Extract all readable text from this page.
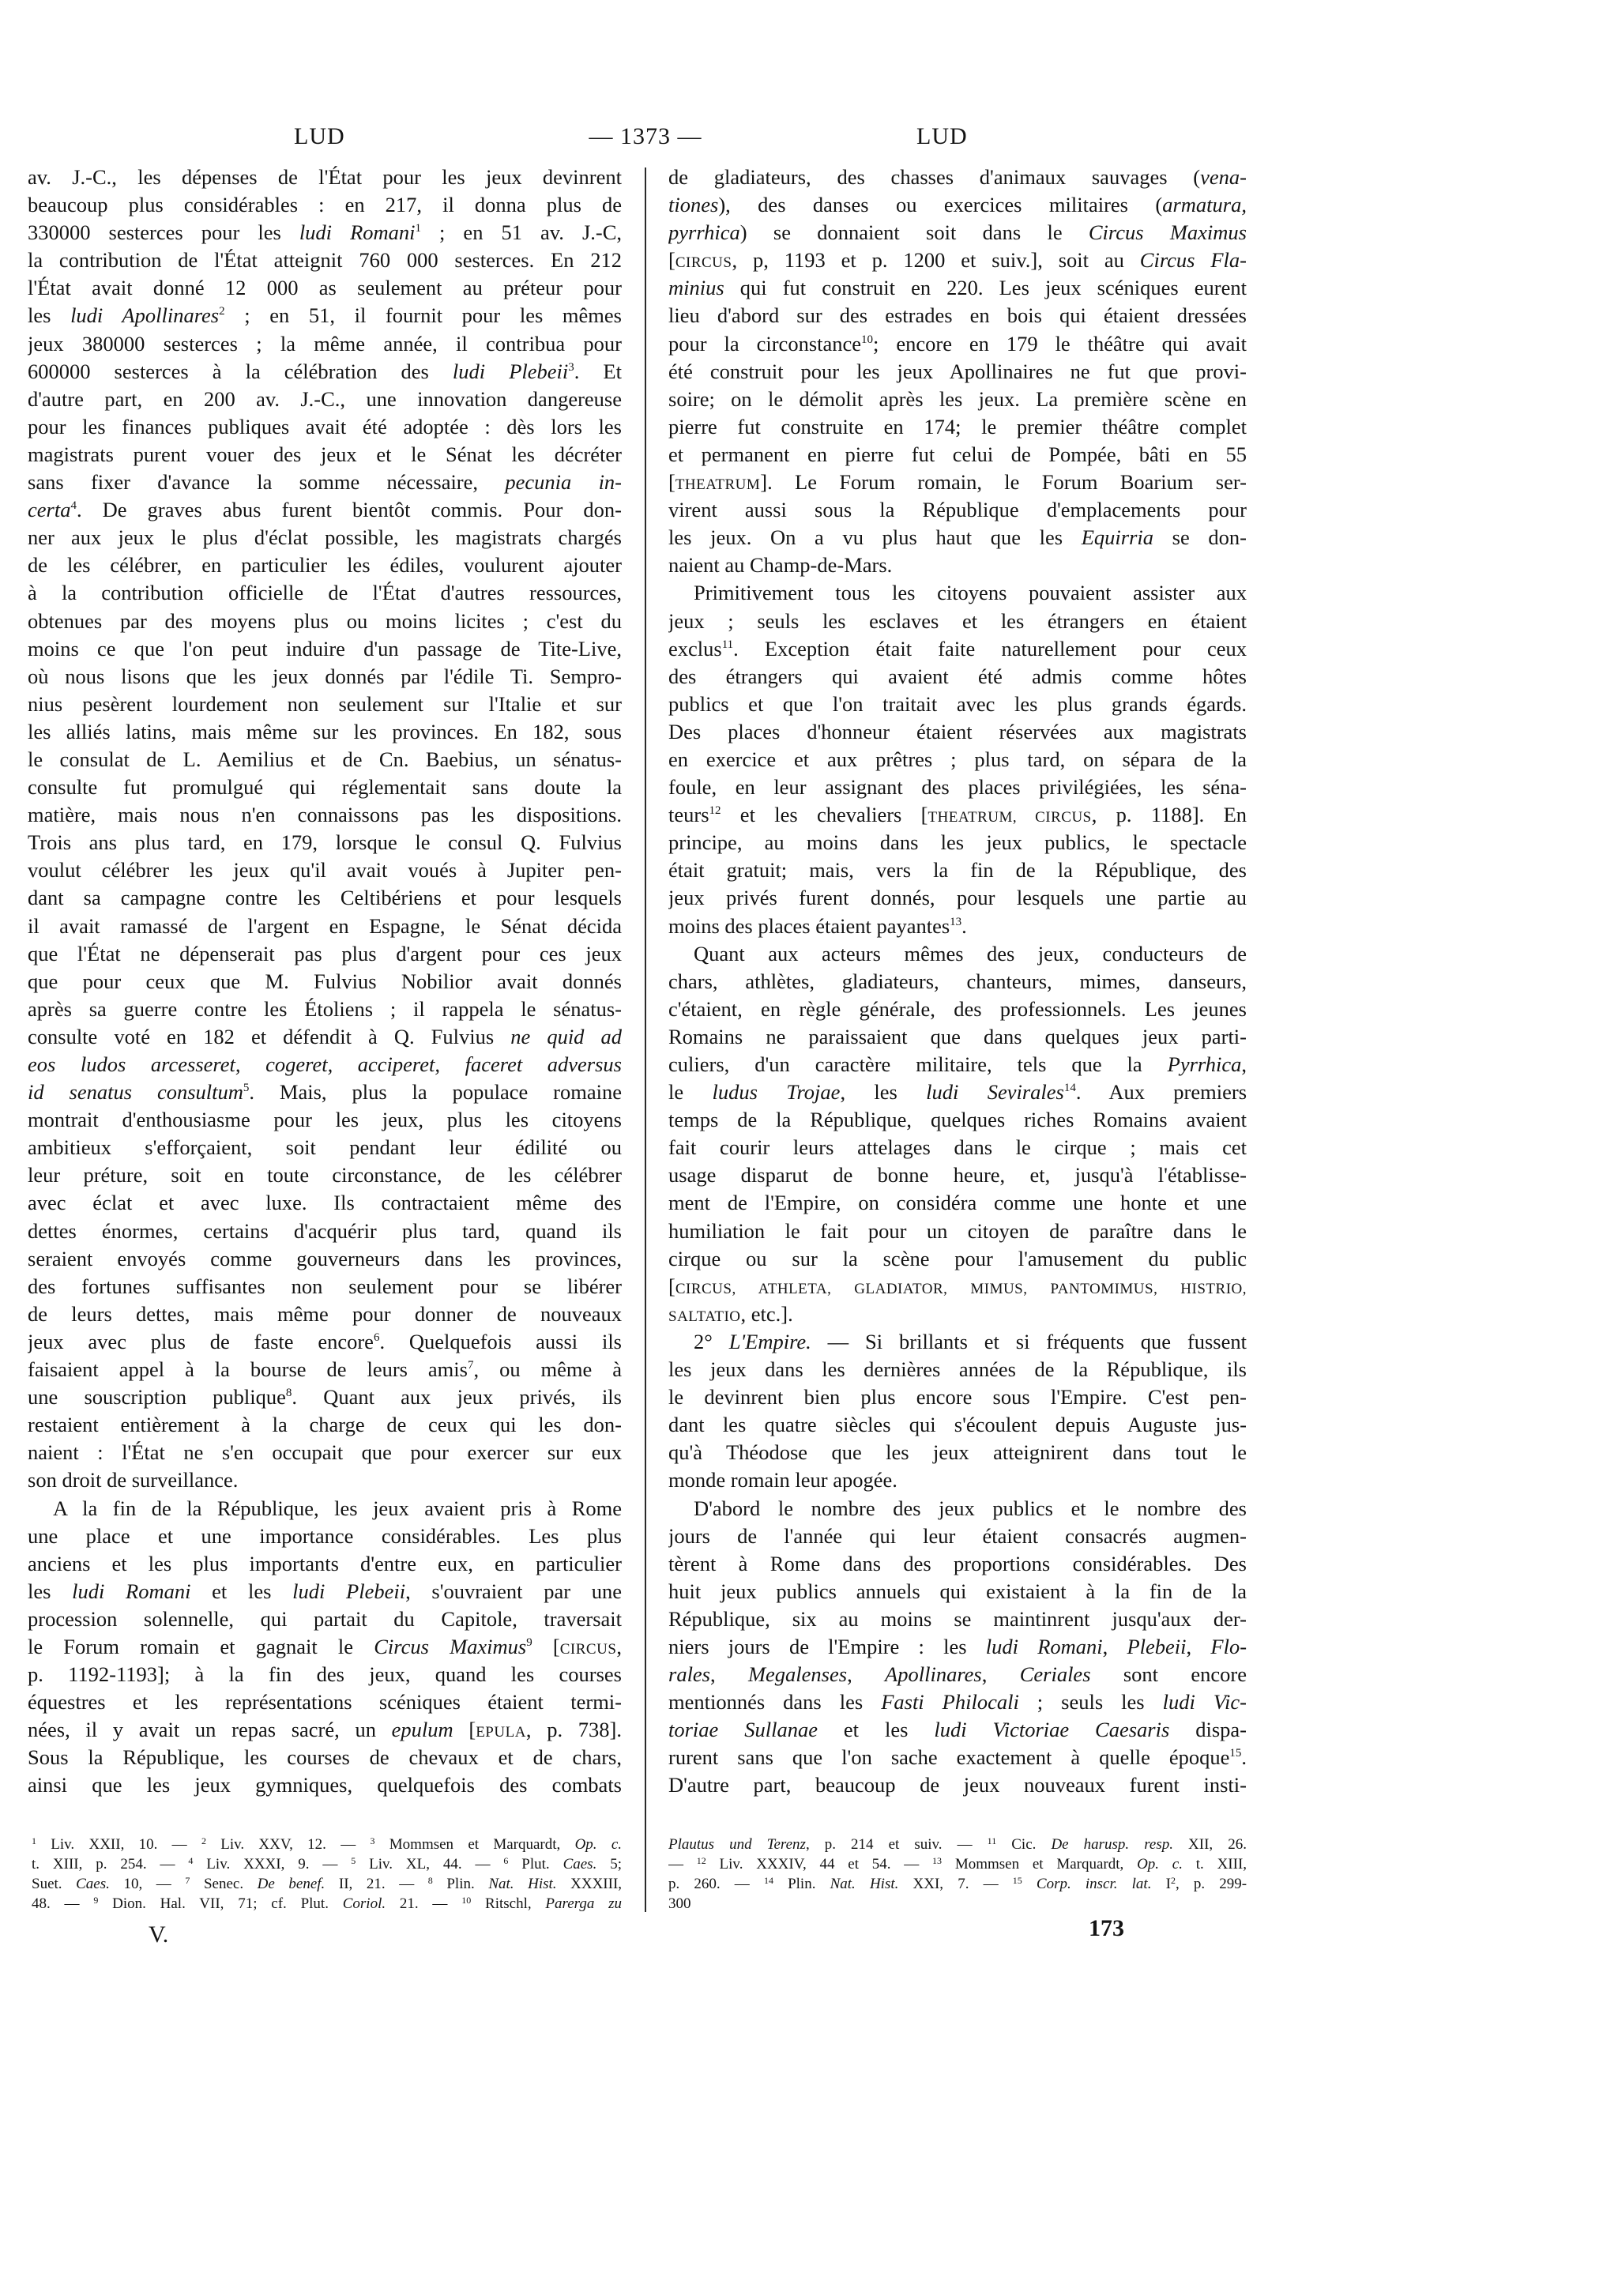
LUD	— 1373 —	LUD
av. J.-C., les dépenses de l'État pour les jeux devinrent
beaucoup plus considérables : en 217, il donna plus de
330000 sesterces pour les ludi Romani$^1$ ; en 51 av. J.-C,
la contribution de l'État atteignit 760 000 sesterces. En 212
l'État avait donné 12 000 as seulement au préteur pour
les ludi Apollinares$^2$ ; en 51, il fournit pour les mêmes
jeux 380000 sesterces ; la même année, il contribua pour
600000 sesterces à la célébration des ludi Plebeii$^3$. Et
d'autre part, en 200 av. J.-C., une innovation dangereuse
pour les finances publiques avait été adoptée : dès lors les
magistrats purent vouer des jeux et le Sénat les décréter
sans fixer d'avance la somme nécessaire, pecunia in-
certa$^4$. De graves abus furent bientôt commis. Pour don-
ner aux jeux le plus d'éclat possible, les magistrats chargés
de les célébrer, en particulier les édiles, voulurent ajouter
à la contribution officielle de l'État d'autres ressources,
obtenues par des moyens plus ou moins licites ; c'est du
moins ce que l'on peut induire d'un passage de Tite-Live,
où nous lisons que les jeux donnés par l'édile Ti. Sempro-
nius pesèrent lourdement non seulement sur l'Italie et sur
les alliés latins, mais même sur les provinces. En 182, sous
le consulat de L. Aemilius et de Cn. Baebius, un sénatus-
consulte fut promulgué qui réglementait sans doute la
matière, mais nous n'en connaissons pas les dispositions.
Trois ans plus tard, en 179, lorsque le consul Q. Fulvius
voulut célébrer les jeux qu'il avait voués à Jupiter pen-
dant sa campagne contre les Celtibériens et pour lesquels
il avait ramassé de l'argent en Espagne, le Sénat décida
que l'État ne dépenserait pas plus d'argent pour ces jeux
que pour ceux que M. Fulvius Nobilior avait donnés
après sa guerre contre les Étoliens ; il rappela le sénatus-
consulte voté en 182 et défendit à Q. Fulvius ne quid ad
eos ludos arcesseret, cogeret, acciperet, faceret adversus
id senatus consultum$^5$. Mais, plus la populace romaine
montrait d'enthousiasme pour les jeux, plus les citoyens
ambitieux s'efforçaient, soit pendant leur édilité ou
leur préture, soit en toute circonstance, de les célébrer
avec éclat et avec luxe. Ils contractaient même des
dettes énormes, certains d'acquérir plus tard, quand ils
seraient envoyés comme gouverneurs dans les provinces,
des fortunes suffisantes non seulement pour se libérer
de leurs dettes, mais même pour donner de nouveaux
jeux avec plus de faste encore$^6$. Quelquefois aussi ils
faisaient appel à la bourse de leurs amis$^7$, ou même à
une souscription publique$^8$. Quant aux jeux privés, ils
restaient entièrement à la charge de ceux qui les don-
naient : l'État ne s'en occupait que pour exercer sur eux
son droit de surveillance.
A la fin de la République, les jeux avaient pris à Rome
une place et une importance considérables. Les plus
anciens et les plus importants d'entre eux, en particulier
les ludi Romani et les ludi Plebeii, s'ouvraient par une
procession solennelle, qui partait du Capitole, traversait
le Forum romain et gagnait le Circus Maximus$^9$ [CIRCUS,
p. 1192-1193]; à la fin des jeux, quand les courses
équestres et les représentations scéniques étaient termi-
nées, il y avait un repas sacré, un epulum [EPULA, p. 738].
Sous la République, les courses de chevaux et de chars,
ainsi que les jeux gymniques, quelquefois des combats
de gladiateurs, des chasses d'animaux sauvages (vena-
tiones), des danses ou exercices militaires (armatura,
pyrrhica) se donnaient soit dans le Circus Maximus
[CIRCUS, p, 1193 et p. 1200 et suiv.], soit au Circus Fla-
minius qui fut construit en 220. Les jeux scéniques eurent
lieu d'abord sur des estrades en bois qui étaient dressées
pour la circonstance$^{10}$; encore en 179 le théâtre qui avait
été construit pour les jeux Apollinaires ne fut que provi-
soire; on le démolit après les jeux. La première scène en
pierre fut construite en 174; le premier théâtre complet
et permanent en pierre fut celui de Pompée, bâti en 55
[THEATRUM]. Le Forum romain, le Forum Boarium ser-
virent aussi sous la République d'emplacements pour
les jeux. On a vu plus haut que les Equirria se don-
naient au Champ-de-Mars.
Primitivement tous les citoyens pouvaient assister aux
jeux ; seuls les esclaves et les étrangers en étaient
exclus$^{11}$. Exception était faite naturellement pour ceux
des étrangers qui avaient été admis comme hôtes
publics et que l'on traitait avec les plus grands égards.
Des places d'honneur étaient réservées aux magistrats
en exercice et aux prêtres ; plus tard, on sépara de la
foule, en leur assignant des places privilégiées, les séna-
teurs$^{12}$ et les chevaliers [THEATRUM, CIRCUS, p. 1188]. En
principe, au moins dans les jeux publics, le spectacle
était gratuit; mais, vers la fin de la République, des
jeux privés furent donnés, pour lesquels une partie au
moins des places étaient payantes$^{13}$.
Quant aux acteurs mêmes des jeux, conducteurs de
chars, athlètes, gladiateurs, chanteurs, mimes, danseurs,
c'étaient, en règle générale, des professionnels. Les jeunes
Romains ne paraissaient que dans quelques jeux parti-
culiers, d'un caractère militaire, tels que la Pyrrhica,
le ludus Trojae, les ludi Sevirales$^{14}$. Aux premiers
temps de la République, quelques riches Romains avaient
fait courir leurs attelages dans le cirque ; mais cet
usage disparut de bonne heure, et, jusqu'à l'établisse-
ment de l'Empire, on considéra comme une honte et une
humiliation le fait pour un citoyen de paraître dans le
cirque ou sur la scène pour l'amusement du public
[CIRCUS, ATHLETA, GLADIATOR, MIMUS, PANTOMIMUS, HISTRIO,
SALTATIO, etc.].
2° L'Empire. — Si brillants et si fréquents que fussent
les jeux dans les dernières années de la République, ils
le devinrent bien plus encore sous l'Empire. C'est pen-
dant les quatre siècles qui s'écoulent depuis Auguste jus-
qu'à Théodose que les jeux atteignirent dans tout le
monde romain leur apogée.
D'abord le nombre des jeux publics et le nombre des
jours de l'année qui leur étaient consacrés augmen-
tèrent à Rome dans des proportions considérables. Des
huit jeux publics annuels qui existaient à la fin de la
République, six au moins se maintinrent jusqu'aux der-
niers jours de l'Empire : les ludi Romani, Plebeii, Flo-
rales, Megalenses, Apollinares, Ceriales sont encore
mentionnés dans les Fasti Philocali ; seuls les ludi Vic-
toriae Sullanae et les ludi Victoriae Caesaris dispa-
rurent sans que l'on sache exactement à quelle époque$^{15}$.
D'autre part, beaucoup de jeux nouveaux furent insti-
$^1$ Liv. XXII, 10. — $^2$ Liv. XXV, 12. — $^3$ Mommsen et Marquardt, Op. c.
t. XIII, p. 254. — $^4$ Liv. XXXI, 9. — $^5$ Liv. XL, 44. — $^6$ Plut. Caes. 5;
Suet. Caes. 10, — $^7$ Senec. De benef. II, 21. — $^8$ Plin. Nat. Hist. XXXIII,
48. — $^9$ Dion. Hal. VII, 71; cf. Plut. Coriol. 21. — $^{10}$ Ritschl, Parerga zu
Plautus und Terenz, p. 214 et suiv. — $^{11}$ Cic. De harusp. resp. XII, 26.
— $^{12}$ Liv. XXXIV, 44 et 54. — $^{13}$ Mommsen et Marquardt, Op. c. t. XIII,
p. 260. — $^{14}$ Plin. Nat. Hist. XXI, 7. — $^{15}$ Corp. inscr. lat. $I^2$, p. 299-
300
V.	173
